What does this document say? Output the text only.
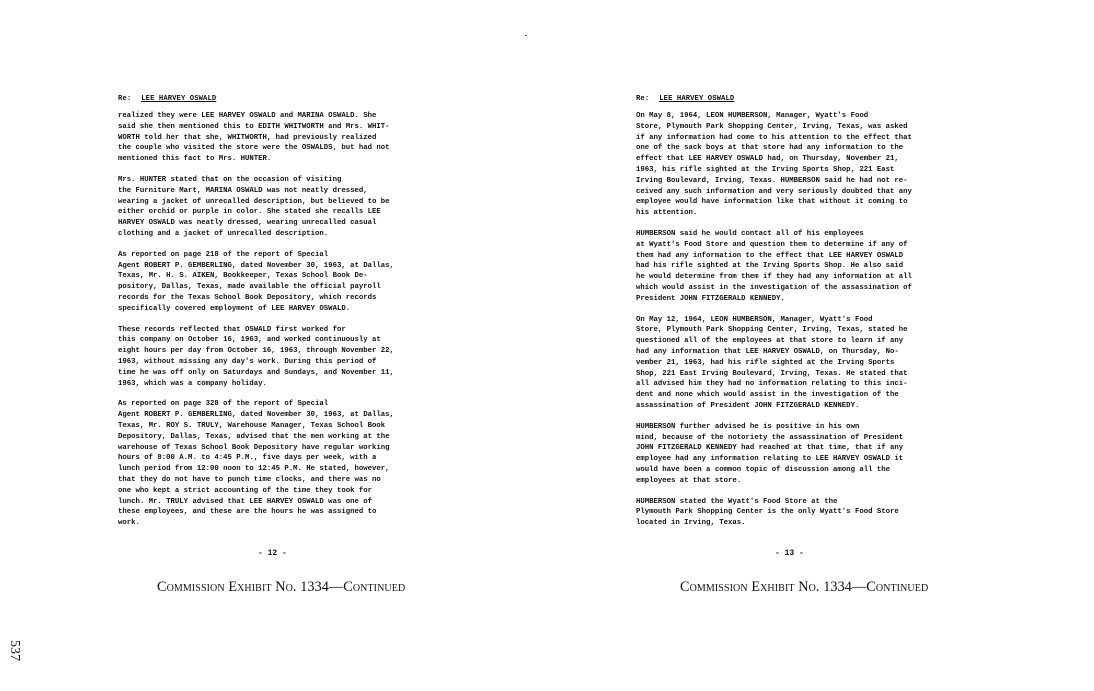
Re: LEE HARVEY OSWALD
realized they were LEE HARVEY OSWALD and MARINA OSWALD. She
said she then mentioned this to EDITH WHITWORTH and Mrs. WHIT-
WORTH told her that she, WHITWORTH, had previously realized
the couple who visited the store were the OSWALDS, but had not
mentioned this fact to Mrs. HUNTER.
Mrs. HUNTER stated that on the occasion of visiting
the Furniture Mart, MARINA OSWALD was not neatly dressed,
wearing a jacket of unrecalled description, but believed to be
either orchid or purple in color. She stated she recalls LEE
HARVEY OSWALD was neatly dressed, wearing unrecalled casual
clothing and a jacket of unrecalled description.
As reported on page 218 of the report of Special
Agent ROBERT P. GEMBERLING, dated November 30, 1963, at Dallas,
Texas, Mr. H. S. AIKEN, Bookkeeper, Texas School Book De-
pository, Dallas, Texas, made available the official payroll
records for the Texas School Book Depository, which records
specifically covered employment of LEE HARVEY OSWALD.
These records reflected that OSWALD first worked for
this company on October 16, 1963, and worked continuously at
eight hours per day from October 16, 1963, through November 22,
1963, without missing any day's work. During this period of
time he was off only on Saturdays and Sundays, and November 11,
1963, which was a company holiday.
As reported on page 328 of the report of Special
Agent ROBERT P. GEMBERLING, dated November 30, 1963, at Dallas,
Texas, Mr. ROY S. TRULY, Warehouse Manager, Texas School Book
Depository, Dallas, Texas, advised that the men working at the
warehouse of Texas School Book Depository have regular working
hours of 8:00 A.M. to 4:45 P.M., five days per week, with a
lunch period from 12:00 noon to 12:45 P.M. He stated, however,
that they do not have to punch time clocks, and there was no
one who kept a strict accounting of the time they took for
lunch. Mr. TRULY advised that LEE HARVEY OSWALD was one of
these employees, and these are the hours he was assigned to
work.
- 12 -
Commission Exhibit No. 1334—Continued
Re: LEE HARVEY OSWALD
On May 8, 1964, LEON HUMBERSON, Manager, Wyatt's Food
Store, Plymouth Park Shopping Center, Irving, Texas, was asked
if any information had come to his attention to the effect that
one of the sack boys at that store had any information to the
effect that LEE HARVEY OSWALD had, on Thursday, November 21,
1963, his rifle sighted at the Irving Sports Shop, 221 East
Irving Boulevard, Irving, Texas. HUMBERSON said he had not re-
ceived any such information and very seriously doubted that any
employee would have information like that without it coming to
his attention.
HUMBERSON said he would contact all of his employees
at Wyatt's Food Store and question them to determine if any of
them had any information to the effect that LEE HARVEY OSWALD
had his rifle sighted at the Irving Sports Shop. He also said
he would determine from them if they had any information at all
which would assist in the investigation of the assassination of
President JOHN FITZGERALD KENNEDY.
On May 12, 1964, LEON HUMBERSON, Manager, Wyatt's Food
Store, Plymouth Park Shopping Center, Irving, Texas, stated he
questioned all of the employees at that store to learn if any
had any information that LEE HARVEY OSWALD, on Thursday, No-
vember 21, 1963, had his rifle sighted at the Irving Sports
Shop, 221 East Irving Boulevard, Irving, Texas. He stated that
all advised him they had no information relating to this inci-
dent and none which would assist in the investigation of the
assassination of President JOHN FITZGERALD KENNEDY.
HUMBERSON further advised he is positive in his own
mind, because of the notoriety the assassination of President
JOHN FITZGERALD KENNEDY had reached at that time, that if any
employee had any information relating to LEE HARVEY OSWALD it
would have been a common topic of discussion among all the
employees at that store.
HUMBERSON stated the Wyatt's Food Store at the
Plymouth Park Shopping Center is the only Wyatt's Food Store
located in Irving, Texas.
- 13 -
Commission Exhibit No. 1334—Continued
537
